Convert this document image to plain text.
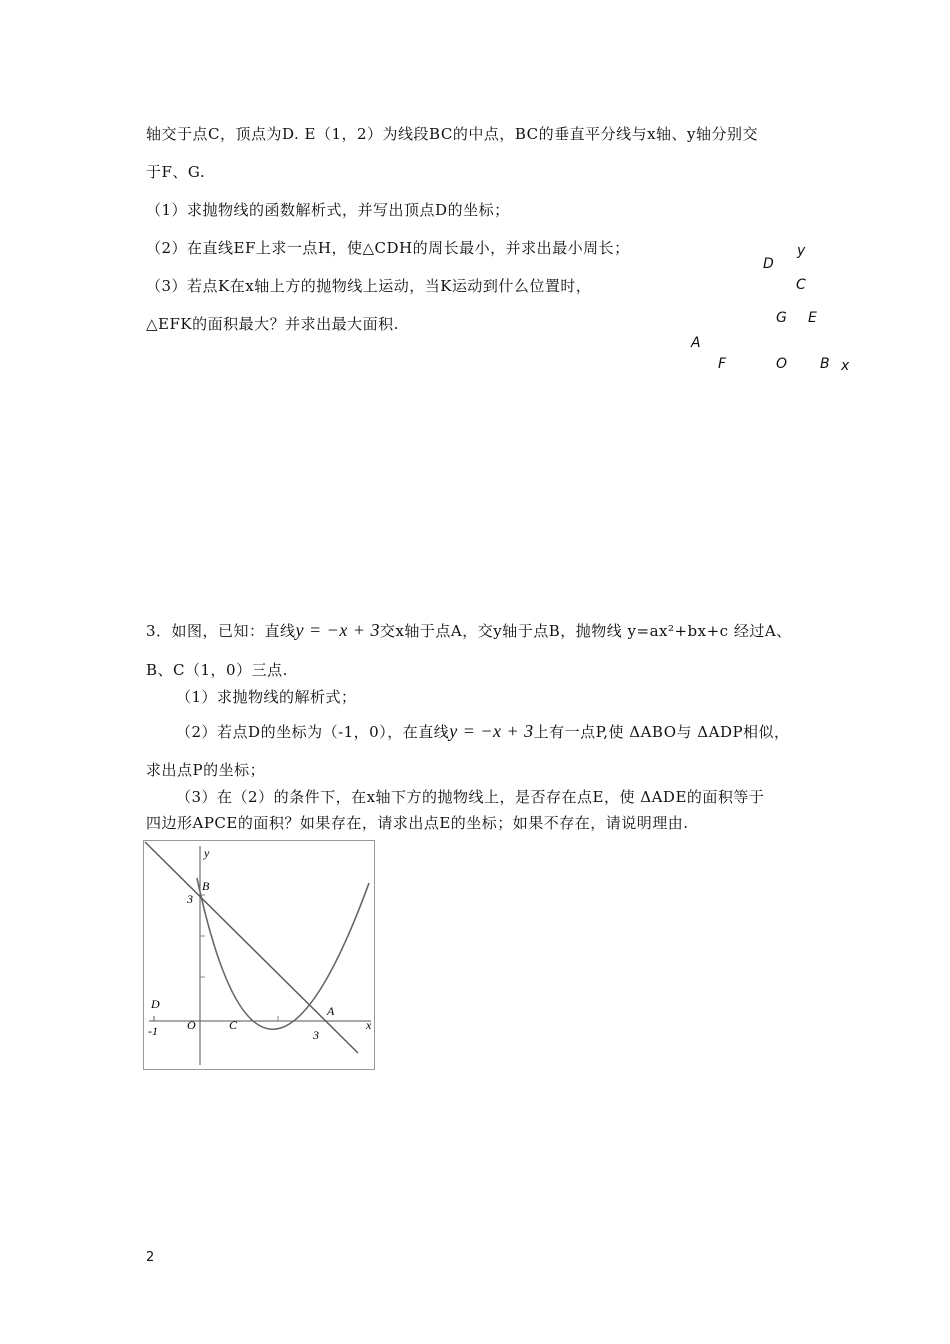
轴交于点C，顶点为D. E（1，2）为线段BC的中点，BC的垂直平分线与x轴、y轴分别交
于F、G.
（1）求抛物线的函数解析式，并写出顶点D的坐标；
（2）在直线EF上求一点H，使△CDH的周长最小，并求出最小周长；
（3）若点K在x轴上方的抛物线上运动，当K运动到什么位置时，
△EFK的面积最大？并求出最大面积.
D
y
C
G E
A
F	O B x
3．如图，已知：直线y = −x + 3交x轴于点A，交y轴于点B，抛物线 y=ax²+bx+c 经过A、
B、C（1，0）三点.
（1）求抛物线的解析式；
（2）若点D的坐标为（-1，0），在直线y = −x + 3上有一点P,使 ΔABO与 ΔADP相似，
求出点P的坐标；
（3）在（2）的条件下，在x轴下方的抛物线上，是否存在点E，使 ΔADE的面积等于
四边形APCE的面积？如果存在，请求出点E的坐标；如果不存在，请说明理由.
y
B
3
D
-1 O	C
A
3
x
2
